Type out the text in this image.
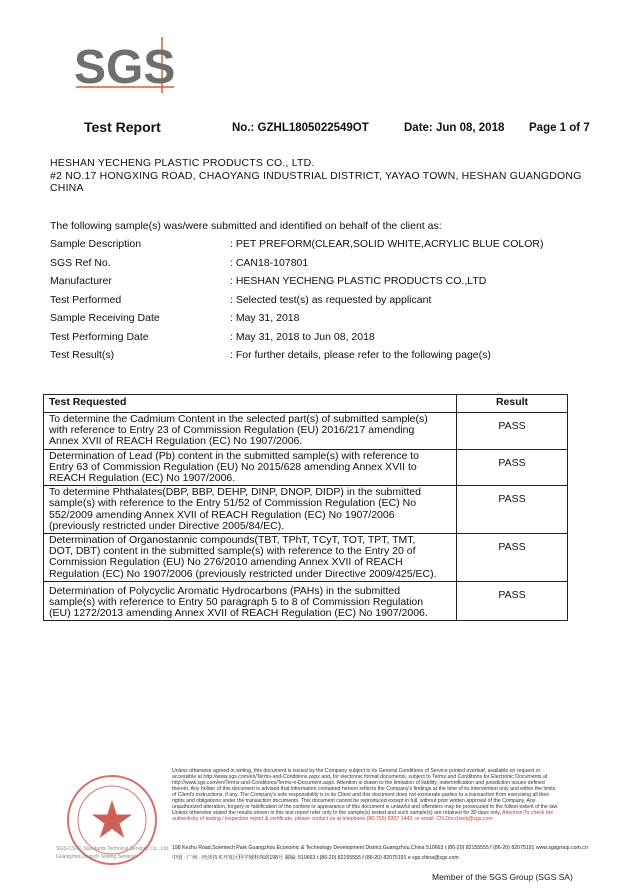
SGS
Test Report	No.: GZHL1805022549OT	Date: Jun 08, 2018 Page 1 of 7
HESHAN YECHENG PLASTIC PRODUCTS CO., LTD.
#2 NO.17 HONGXING ROAD, CHAOYANG INDUSTRIAL DISTRICT, YAYAO TOWN, HESHAN GUANGDONG
CHINA
The following sample(s) was/were submitted and identified on behalf of the client as:
Sample Description	: PET PREFORM(CLEAR,SOLID WHITE,ACRYLIC BLUE COLOR)
SGS Ref No.	: CAN18-107801
Manufacturer	: HESHAN YECHENG PLASTIC PRODUCTS CO.,LTD
Test Performed	: Selected test(s) as requested by applicant
Sample Receiving Date	: May 31, 2018
Test Performing Date	: May 31, 2018 to Jun 08, 2018
Test Result(s)	: For further details, please refer to the following page(s)
Test Requested	Result

To determine the Cadmium Content in the selected part(s) of submitted sample(s)
with reference to Entry 23 of Commission Regulation (EU) 2016/217 amending
Annex XVII of REACH Regulation (EC) No 1907/2006.	PASS

Determination of Lead (Pb) content in the submitted sample(s) with reference to
Entry 63 of Commission Regulation (EU) No 2015/628 amending Annex XVII to
REACH Regulation (EC) No 1907/2006.	PASS

To determine Phthalates(DBP, BBP, DEHP, DINP, DNOP, DIDP) in the submitted
sample(s) with reference to the Entry 51/52 of Commission Regulation (EC) No
552/2009 amending Annex XVII of REACH Regulation (EC) No 1907/2006
(previously restricted under Directive 2005/84/EC).	PASS

Determination of Organostannic compounds(TBT, TPhT, TCyT, TOT, TPT, TMT,
DOT, DBT) content in the submitted sample(s) with reference to the Entry 20 of
Commission Regulation (EU) No 276/2010 amending Annex XVII of REACH
Regulation (EC) No 1907/2006 (previously restricted under Directive 2009/425/EC).	PASS

Determination of Polycyclic Aromatic Hydrocarbons (PAHs) in the submitted
sample(s) with reference to Entry 50 paragraph 5 to 8 of Commission Regulation
(EU) 1272/2013 amending Annex XVII of REACH Regulation (EC) No 1907/2006.	PASS
SGS-CSTC Standards Technical Services Co., Ltd.
Guangzhou Branch Testing Services
Unless otherwise agreed in writing, this document is issued by the Company subject to its General Conditions of Service printed overleaf, available on request or accessible at http://www.sgs.com/en/Terms-and-Conditions.aspx and, for electronic format documents, subject to Terms and Conditions for Electronic Documents at http://www.sgs.com/en/Terms-and-Conditions/Terms-e-Document.aspx. Attention is drawn to the limitation of liability, indemnification and jurisdiction issues defined therein. Any holder of this document is advised that information contained hereon reflects the Company's findings at the time of its intervention only and within the limits of Client's instructions, if any. The Company's sole responsibility is to its Client and this document does not exonerate parties to a transaction from exercising all their rights and obligations under the transaction documents. This document cannot be reproduced except in full, without prior written approval of the Company. Any unauthorized alteration, forgery or falsification of the content or appearance of this document is unlawful and offenders may be prosecuted to the fullest extent of the law. Unless otherwise stated the results shown in this test report refer only to the sample(s) tested and such sample(s) are retained for 30 days only. Attention:To check the authenticity of testing / inspection report & certificate, please contact us at telephone:(86-755) 8307 1443, or email: CN.Doccheck@sgs.com
198 Kezhu Road,Scientech Park Guangzhou Economic & Technology Development District,Guangzhou,China 510663 t (86-20) 82155555 f (86-20) 82075191 www.sgsgroup.com.cn
中国 · 广州 · 经济技术开发区科学城科珠路198号 邮编: 510663 t (86-20) 82155555 f (86-20) 82075191 e sgs.china@sgs.com
Member of the SGS Group (SGS SA)
